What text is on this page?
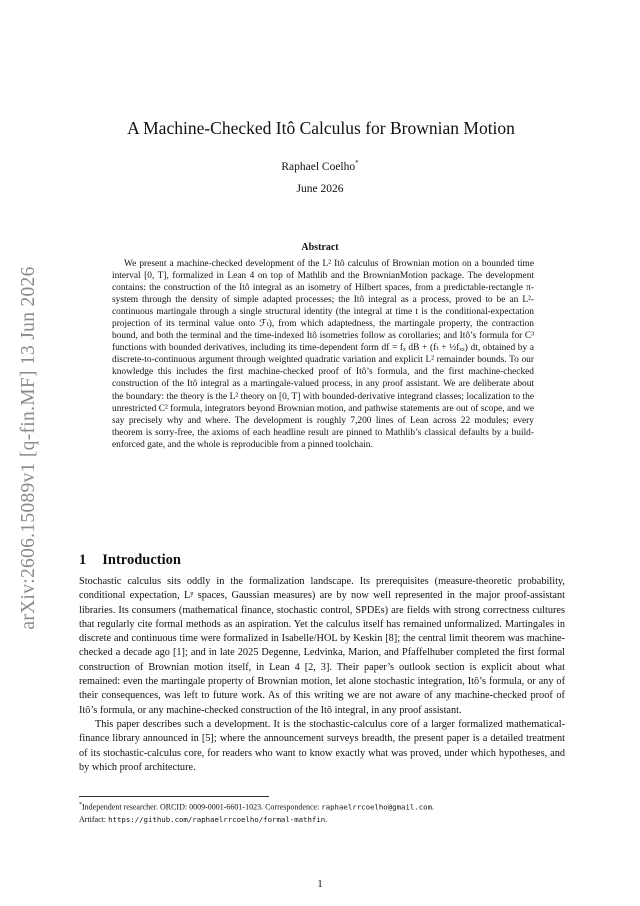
arXiv:2606.15089v1 [q-fin.MF] 13 Jun 2026
A Machine-Checked Itô Calculus for Brownian Motion
Raphael Coelho*
June 2026
Abstract

We present a machine-checked development of the L² Itô calculus of Brownian motion on a bounded time interval [0, T], formalized in Lean 4 on top of Mathlib and the BrownianMotion package. The development contains: the construction of the Itô integral as an isometry of Hilbert spaces, from a predictable-rectangle π-system through the density of simple adapted processes; the Itô integral as a process, proved to be an L²-continuous martingale through a single structural identity (the integral at time t is the conditional-expectation projection of its terminal value onto ℱₜ), from which adaptedness, the martingale property, the contraction bound, and both the terminal and the time-indexed Itô isometries follow as corollaries; and Itô’s formula for C³ functions with bounded derivatives, including its time-dependent form df = fₓ dB + (fₜ + ½fₓₓ) dt, obtained by a discrete-to-continuous argument through weighted quadratic variation and explicit L² remainder bounds. To our knowledge this includes the first machine-checked proof of Itô’s formula, and the first machine-checked construction of the Itô integral as a martingale-valued process, in any proof assistant. We are deliberate about the boundary: the theory is the L² theory on [0, T] with bounded-derivative integrand classes; localization to the unrestricted C² formula, integrators beyond Brownian motion, and pathwise statements are out of scope, and we say precisely why and where. The development is roughly 7,200 lines of Lean across 22 modules; every theorem is sorry-free, the axioms of each headline result are pinned to Mathlib’s classical defaults by a build-enforced gate, and the whole is reproducible from a pinned toolchain.

1 Introduction

Stochastic calculus sits oddly in the formalization landscape. Its prerequisites (measure-theoretic probability, conditional expectation, Lᵖ spaces, Gaussian measures) are by now well represented in the major proof-assistant libraries. Its consumers (mathematical finance, stochastic control, SPDEs) are fields with strong correctness cultures that regularly cite formal methods as an aspiration. Yet the calculus itself has remained unformalized. Martingales in discrete and continuous time were formalized in Isabelle/HOL by Keskin [8]; the central limit theorem was machine-checked a decade ago [1]; and in late 2025 Degenne, Ledvinka, Marion, and Pfaffelhuber completed the first formal construction of Brownian motion itself, in Lean 4 [2, 3]. Their paper’s outlook section is explicit about what remained: even the martingale property of Brownian motion, let alone stochastic integration, Itô’s formula, or any of their consequences, was left to future work. As of this writing we are not aware of any machine-checked proof of Itô’s formula, or any machine-checked construction of the Itô integral, in any proof assistant.

This paper describes such a development. It is the stochastic-calculus core of a larger formalized mathematical-finance library announced in [5]; where the announcement surveys breadth, the present paper is a detailed treatment of its stochastic-calculus core, for readers who want to know exactly what was proved, under which hypotheses, and by which proof architecture.

*Independent researcher. ORCID: 0009-0001-6601-1023. Correspondence: raphaelrrcoelho@gmail.com.
Artifact: https://github.com/raphaelrrcoelho/formal-mathfin.

1
